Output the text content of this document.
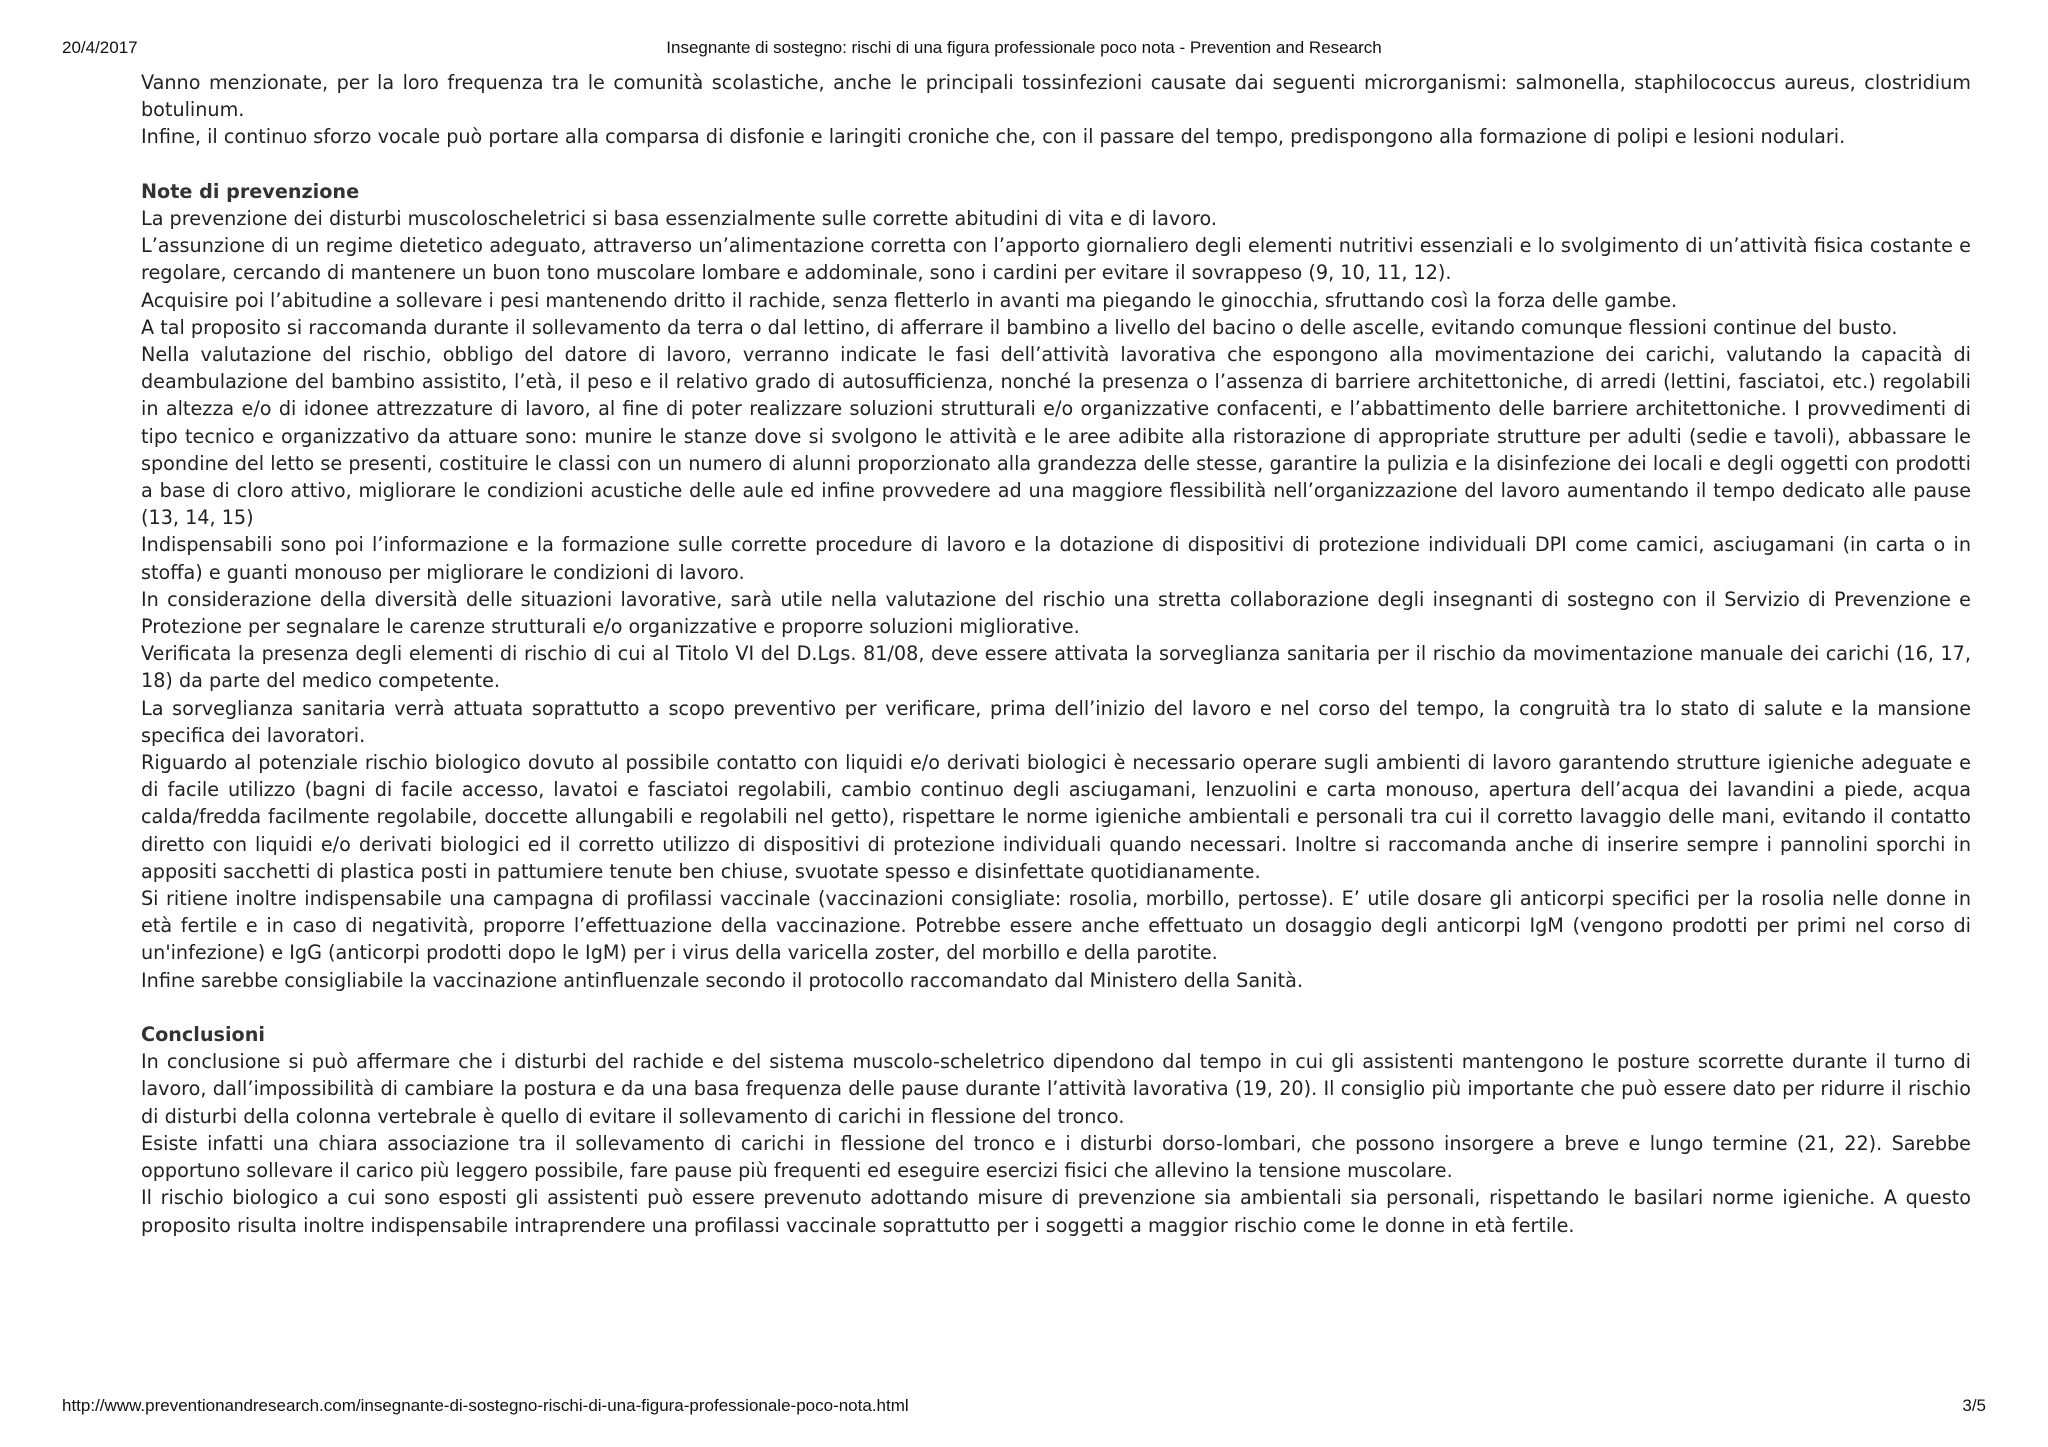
20/4/2017	Insegnante di sostegno: rischi di una figura professionale poco nota - Prevention and Research

Vanno menzionate, per la loro frequenza tra le comunità scolastiche, anche le principali tossinfezioni causate dai seguenti microrganismi: salmonella, staphilococcus aureus, clostridium botulinum.

Infine, il continuo sforzo vocale può portare alla comparsa di disfonie e laringiti croniche che, con il passare del tempo, predispongono alla formazione di polipi e lesioni nodulari.

Note di prevenzione

La prevenzione dei disturbi muscoloscheletrici si basa essenzialmente sulle corrette abitudini di vita e di lavoro.

L’assunzione di un regime dietetico adeguato, attraverso un’alimentazione corretta con l’apporto giornaliero degli elementi nutritivi essenziali e lo svolgimento di un’attività fisica costante e regolare, cercando di mantenere un buon tono muscolare lombare e addominale, sono i cardini per evitare il sovrappeso (9, 10, 11, 12).

Acquisire poi l’abitudine a sollevare i pesi mantenendo dritto il rachide, senza fletterlo in avanti ma piegando le ginocchia, sfruttando così la forza delle gambe.

A tal proposito si raccomanda durante il sollevamento da terra o dal lettino, di afferrare il bambino a livello del bacino o delle ascelle, evitando comunque flessioni continue del busto.

Nella valutazione del rischio, obbligo del datore di lavoro, verranno indicate le fasi dell’attività lavorativa che espongono alla movimentazione dei carichi, valutando la capacità di deambulazione del bambino assistito, l’età, il peso e il relativo grado di autosufficienza, nonché la presenza o l’assenza di barriere architettoniche, di arredi (lettini, fasciatoi, etc.) regolabili in altezza e/o di idonee attrezzature di lavoro, al fine di poter realizzare soluzioni strutturali e/o organizzative confacenti, e l’abbattimento delle barriere architettoniche. I provvedimenti di tipo tecnico e organizzativo da attuare sono: munire le stanze dove si svolgono le attività e le aree adibite alla ristorazione di appropriate strutture per adulti (sedie e tavoli), abbassare le spondine del letto se presenti, costituire le classi con un numero di alunni proporzionato alla grandezza delle stesse, garantire la pulizia e la disinfezione dei locali e degli oggetti con prodotti a base di cloro attivo, migliorare le condizioni acustiche delle aule ed infine provvedere ad una maggiore flessibilità nell’organizzazione del lavoro aumentando il tempo dedicato alle pause (13, 14, 15)

Indispensabili sono poi l’informazione e la formazione sulle corrette procedure di lavoro e la dotazione di dispositivi di protezione individuali DPI come camici, asciugamani (in carta o in stoffa) e guanti monouso per migliorare le condizioni di lavoro.

In considerazione della diversità delle situazioni lavorative, sarà utile nella valutazione del rischio una stretta collaborazione degli insegnanti di sostegno con il Servizio di Prevenzione e Protezione per segnalare le carenze strutturali e/o organizzative e proporre soluzioni migliorative.

Verificata la presenza degli elementi di rischio di cui al Titolo VI del D.Lgs. 81/08, deve essere attivata la sorveglianza sanitaria per il rischio da movimentazione manuale dei carichi (16, 17, 18) da parte del medico competente.

La sorveglianza sanitaria verrà attuata soprattutto a scopo preventivo per verificare, prima dell’inizio del lavoro e nel corso del tempo, la congruità tra lo stato di salute e la mansione specifica dei lavoratori.

Riguardo al potenziale rischio biologico dovuto al possibile contatto con liquidi e/o derivati biologici è necessario operare sugli ambienti di lavoro garantendo strutture igieniche adeguate e di facile utilizzo (bagni di facile accesso, lavatoi e fasciatoi regolabili, cambio continuo degli asciugamani, lenzuolini e carta monouso, apertura dell’acqua dei lavandini a piede, acqua calda/fredda facilmente regolabile, doccette allungabili e regolabili nel getto), rispettare le norme igieniche ambientali e personali tra cui il corretto lavaggio delle mani, evitando il contatto diretto con liquidi e/o derivati biologici ed il corretto utilizzo di dispositivi di protezione individuali quando necessari. Inoltre si raccomanda anche di inserire sempre i pannolini sporchi in appositi sacchetti di plastica posti in pattumiere tenute ben chiuse, svuotate spesso e disinfettate quotidianamente.

Si ritiene inoltre indispensabile una campagna di profilassi vaccinale (vaccinazioni consigliate: rosolia, morbillo, pertosse). E’ utile dosare gli anticorpi specifici per la rosolia nelle donne in età fertile e in caso di negatività, proporre l’effettuazione della vaccinazione. Potrebbe essere anche effettuato un dosaggio degli anticorpi IgM (vengono prodotti per primi nel corso di un'infezione) e IgG (anticorpi prodotti dopo le IgM) per i virus della varicella zoster, del morbillo e della parotite.

Infine sarebbe consigliabile la vaccinazione antinfluenzale secondo il protocollo raccomandato dal Ministero della Sanità.

Conclusioni

In conclusione si può affermare che i disturbi del rachide e del sistema muscolo-scheletrico dipendono dal tempo in cui gli assistenti mantengono le posture scorrette durante il turno di lavoro, dall’impossibilità di cambiare la postura e da una basa frequenza delle pause durante l’attività lavorativa (19, 20). Il consiglio più importante che può essere dato per ridurre il rischio di disturbi della colonna vertebrale è quello di evitare il sollevamento di carichi in flessione del tronco.

Esiste infatti una chiara associazione tra il sollevamento di carichi in flessione del tronco e i disturbi dorso-lombari, che possono insorgere a breve e lungo termine (21, 22). Sarebbe opportuno sollevare il carico più leggero possibile, fare pause più frequenti ed eseguire esercizi fisici che allevino la tensione muscolare.

Il rischio biologico a cui sono esposti gli assistenti può essere prevenuto adottando misure di prevenzione sia ambientali sia personali, rispettando le basilari norme igieniche. A questo proposito risulta inoltre indispensabile intraprendere una profilassi vaccinale soprattutto per i soggetti a maggior rischio come le donne in età fertile.

http://www.preventionandresearch.com/insegnante-di-sostegno-rischi-di-una-figura-professionale-poco-nota.html	3/5
